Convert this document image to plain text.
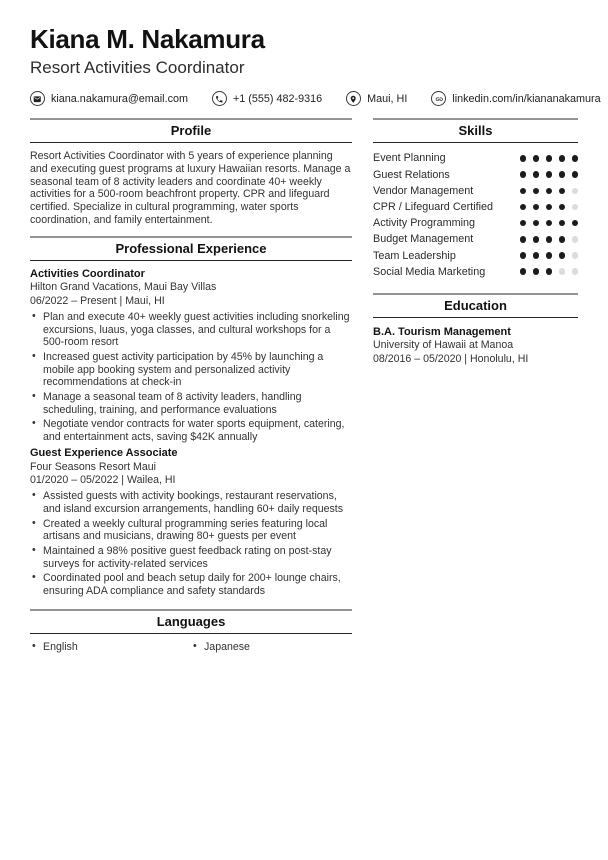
Kiana M. Nakamura
Resort Activities Coordinator
kiana.nakamura@email.com	+1 (555) 482-9316	Maui, HI	linkedin.com/in/kiananakamura
Profile

Resort Activities Coordinator with 5 years of experience planning and executing guest programs at luxury Hawaiian resorts. Manage a seasonal team of 8 activity leaders and coordinate 40+ weekly activities for a 500-room beachfront property. CPR and lifeguard certified. Specialize in cultural programming, water sports coordination, and family entertainment.

Professional Experience
Activities Coordinator
Hilton Grand Vacations, Maui Bay Villas
06/2022 – Present | Maui, HI
• Plan and execute 40+ weekly guest activities including snorkeling excursions, luaus, yoga classes, and cultural workshops for a 500-room resort
• Increased guest activity participation by 45% by launching a mobile app booking system and personalized activity recommendations at check-in
• Manage a seasonal team of 8 activity leaders, handling scheduling, training, and performance evaluations
• Negotiate vendor contracts for water sports equipment, catering, and entertainment acts, saving $42K annually
Guest Experience Associate
Four Seasons Resort Maui
01/2020 – 05/2022 | Wailea, HI
• Assisted guests with activity bookings, restaurant reservations, and island excursion arrangements, handling 60+ daily requests
• Created a weekly cultural programming series featuring local artisans and musicians, drawing 80+ guests per event
• Maintained a 98% positive guest feedback rating on post-stay surveys for activity-related services
• Coordinated pool and beach setup daily for 200+ lounge chairs, ensuring ADA compliance and safety standards
Languages
• English	• Japanese
Skills
Event Planning
Guest Relations
Vendor Management
CPR / Lifeguard Certified
Activity Programming
Budget Management
Team Leadership
Social Media Marketing
Education
B.A. Tourism Management
University of Hawaii at Manoa
08/2016 – 05/2020 | Honolulu, HI
